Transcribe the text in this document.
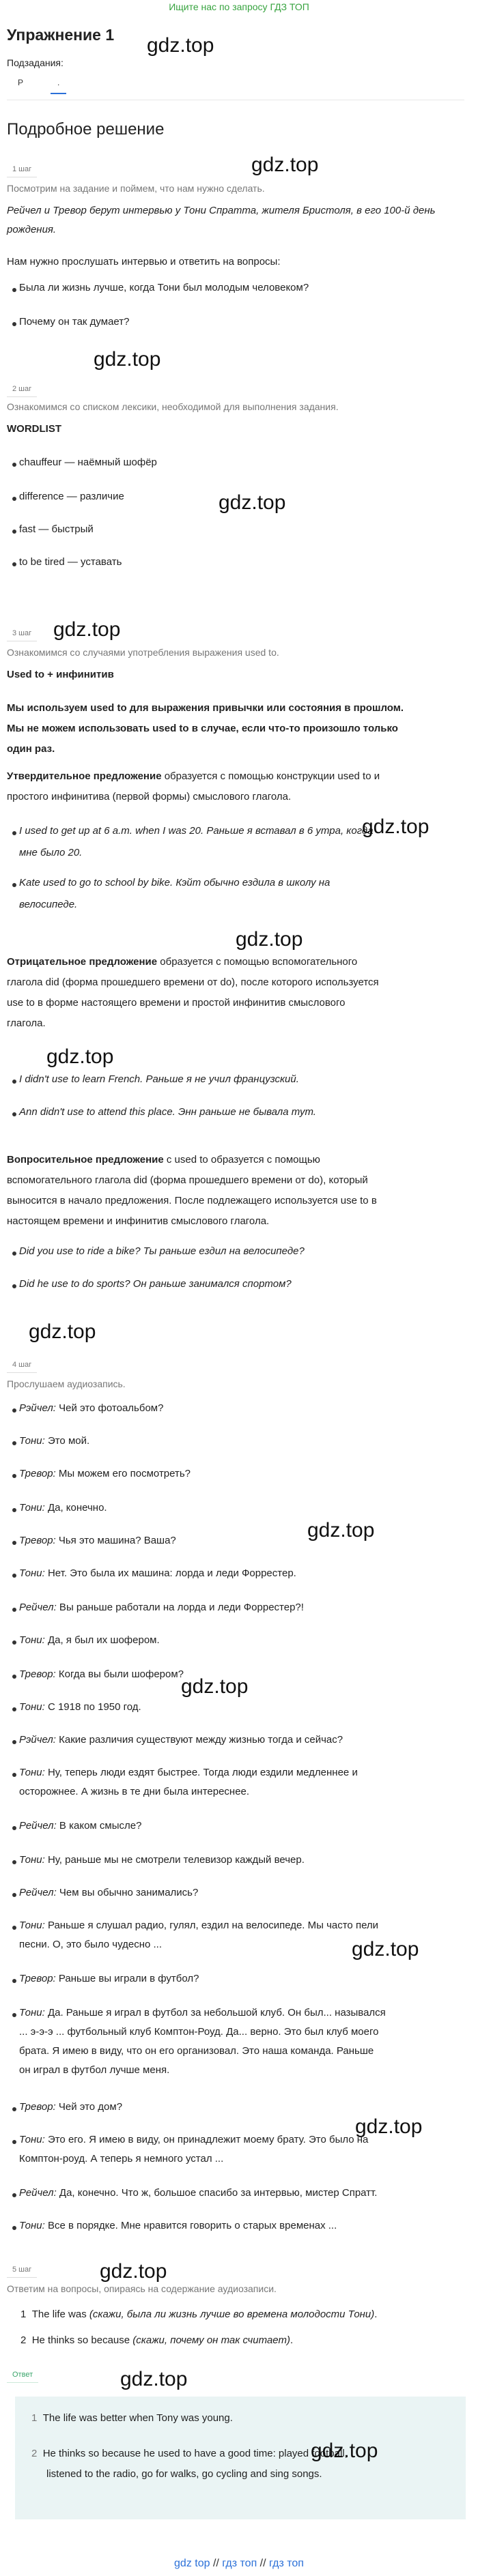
Ищите нас по запросу ГДЗ ТОП
gdz.top
gdz.top
gdz.top
gdz.top
gdz.top
gdz.top
gdz.top
gdz.top
gdz.top
gdz.top
gdz.top
gdz.top
gdz.top
gdz.top
gdz.top
gdz.top
Упражнение 1
Подзадания:
Р	.
Подробное решение
1 шаг
Посмотрим на задание и поймем, что нам нужно сделать.
Рейчел и Тревор берут интервью у Тони Спратта, жителя Бристоля, в его 100-й день рождения.
Нам нужно прослушать интервью и ответить на вопросы:
Была ли жизнь лучше, когда Тони был молодым человеком?
Почему он так думает?
2 шаг
Ознакомимся со списком лексики, необходимой для выполнения задания.
WORDLIST
chauffeur — наёмный шофёр
difference — различие
fast — быстрый
to be tired — уставать
3 шаг
Ознакомимся со случаями употребления выражения used to.
Used to + инфинитив
Мы используем used to для выражения привычки или состояния в прошлом.
Мы не можем использовать used to в случае, если что-то произошло только
один раз.
Утвердительное предложение образуется с помощью конструкции used to и
простого инфинитива (первой формы) смыслового глагола.
I used to get up at 6 a.m. when I was 20. Раньше я вставал в 6 утра, когда
мне было 20.
Kate used to go to school by bike. Кэйт обычно ездила в школу на
велосипеде.
Отрицательное предложение образуется с помощью вспомогательного
глагола did (форма прошедшего времени от do), после которого используется
use to в форме настоящего времени и простой инфинитив смыслового
глагола.
I didn't use to learn French. Раньше я не учил французский.
Ann didn't use to attend this place. Энн раньше не бывала тут.
Вопросительное предложение с used to образуется с помощью
вспомогательного глагола did (форма прошедшего времени от do), который
выносится в начало предложения. После подлежащего используется use to в
настоящем времени и инфинитив смыслового глагола.
Did you use to ride a bike? Ты раньше ездил на велосипеде?
Did he use to do sports? Он раньше занимался спортом?
4 шаг
Прослушаем аудиозапись.
Рэйчел: Чей это фотоальбом?
Тони: Это мой.
Тревор: Мы можем его посмотреть?
Тони: Да, конечно.
Тревор: Чья это машина? Ваша?
Тони: Нет. Это была их машина: лорда и леди Форрестер.
Рейчел: Вы раньше работали на лорда и леди Форрестер?!
Тони: Да, я был их шофером.
Тревор: Когда вы были шофером?
Тони: С 1918 по 1950 год.
Рэйчел: Какие различия существуют между жизнью тогда и сейчас?
Тони: Ну, теперь люди ездят быстрее. Тогда люди ездили медленнее и
осторожнее. А жизнь в те дни была интереснее.
Рейчел: В каком смысле?
Тони: Ну, раньше мы не смотрели телевизор каждый вечер.
Рейчел: Чем вы обычно занимались?
Тони: Раньше я слушал радио, гулял, ездил на велосипеде. Мы часто пели
песни. О, это было чудесно ...
Тревор: Раньше вы играли в футбол?
Тони: Да. Раньше я играл в футбол за небольшой клуб. Он был... назывался
... э-э-э ... футбольный клуб Комптон-Роуд. Да... верно. Это был клуб моего
брата. Я имею в виду, что он его организовал. Это наша команда. Раньше
он играл в футбол лучше меня.
Тревор: Чей это дом?
Тони: Это его. Я имею в виду, он принадлежит моему брату. Это было на
Комптон-роуд. А теперь я немного устал ...
Рейчел: Да, конечно. Что ж, большое спасибо за интервью, мистер Спратт.
Тони: Все в порядке. Мне нравится говорить о старых временах ...
5 шаг
Ответим на вопросы, опираясь на содержание аудиозаписи.
1 The life was (скажи, была ли жизнь лучше во времена молодости Тони).
2 He thinks so because (скажи, почему он так считает).
Ответ
1 The life was better when Tony was young.
2 He thinks so because he used to have a good time: played football,
listened to the radio, go for walks, go cycling and sing songs.
gdz top // гдз топ // гдз топ
